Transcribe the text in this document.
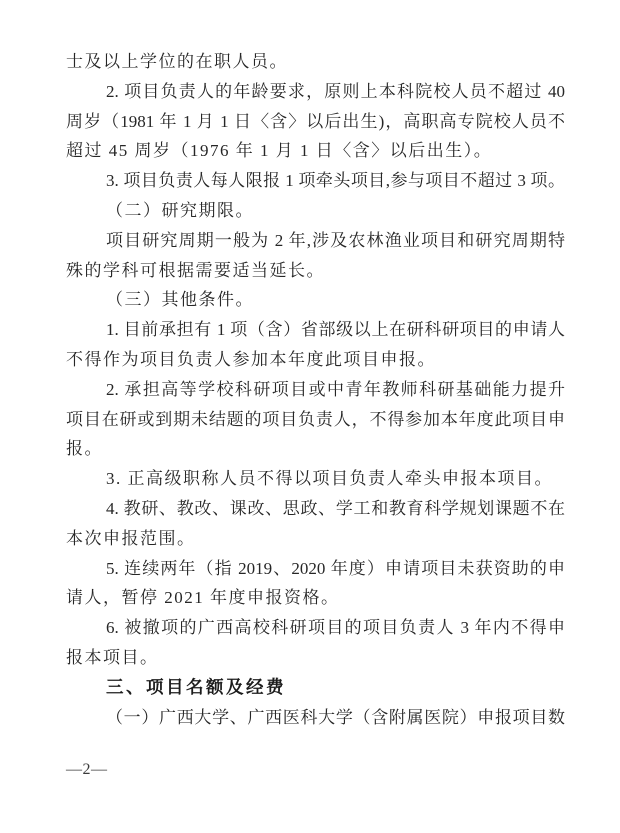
士及以上学位的在职人员。
2. 项目负责人的年龄要求，原则上本科院校人员不超过 40
周岁（1981 年 1 月 1 日〈含〉以后出生)，高职高专院校人员不
超过 45 周岁（1976 年 1 月 1 日〈含〉以后出生）。
3. 项目负责人每人限报 1 项牵头项目,参与项目不超过 3 项。
（二）研究期限。
项目研究周期一般为 2 年,涉及农林渔业项目和研究周期特
殊的学科可根据需要适当延长。
（三）其他条件。
1. 目前承担有 1 项（含）省部级以上在研科研项目的申请人
不得作为项目负责人参加本年度此项目申报。
2. 承担高等学校科研项目或中青年教师科研基础能力提升
项目在研或到期未结题的项目负责人，不得参加本年度此项目申
报。
3. 正高级职称人员不得以项目负责人牵头申报本项目。
4. 教研、教改、课改、思政、学工和教育科学规划课题不在
本次申报范围。
5. 连续两年（指 2019、2020 年度）申请项目未获资助的申
请人，暂停 2021 年度申报资格。
6. 被撤项的广西高校科研项目的项目负责人 3 年内不得申
报本项目。
三、项目名额及经费
（一）广西大学、广西医科大学（含附属医院）申报项目数
—2—
